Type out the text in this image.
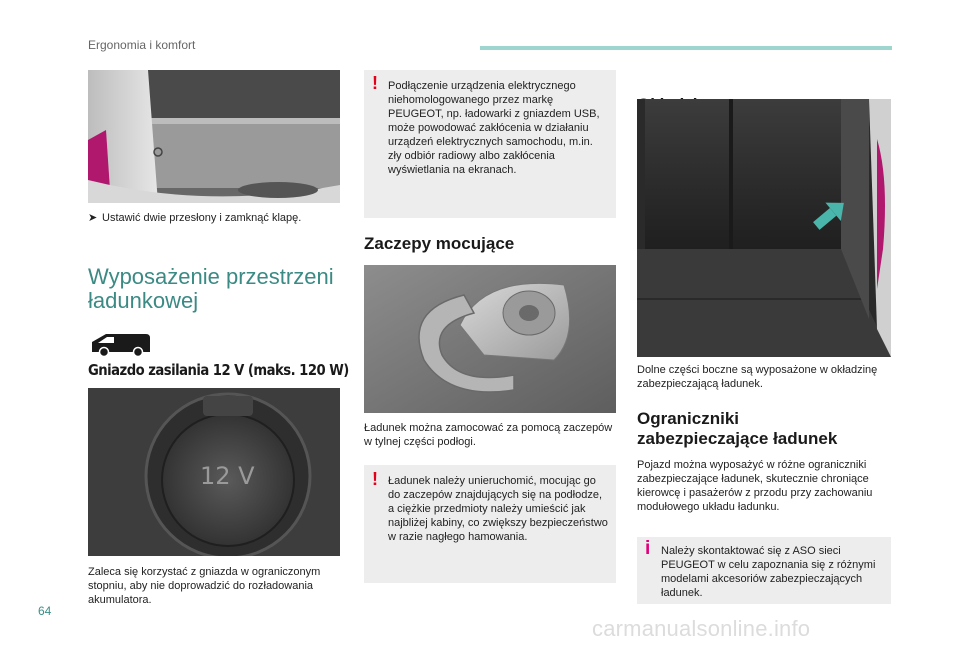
Ergonomia i komfort
➤ Ustawić dwie przesłony i zamknąć klapę.
Wyposażenie przestrzeni ładunkowej
Gniazdo zasilania 12 V (maks. 120 W)
12 V
Zaleca się korzystać z gniazda w ograniczonym stopniu, aby nie doprowadzić do rozładowania akumulatora.
! Podłączenie urządzenia elektrycznego niehomologowanego przez markę PEUGEOT, np. ładowarki z gniazdem USB, może powodować zakłócenia w działaniu urządzeń elektrycznych samochodu, m.in. zły odbiór radiowy albo zakłócenia wyświetlania na ekranach.
Zaczepy mocujące
Ładunek można zamocować za pomocą zaczepów w tylnej części podłogi.
! Ładunek należy unieruchomić, mocując go do zaczepów znajdujących się na podłodze, a ciężkie przedmioty należy umieścić jak najbliżej kabiny, co zwiększy bezpieczeństwo w razie nagłego hamowania.
Dolne części boczne są wyposażone w okładzinę zabezpieczającą ładunek.
Ograniczniki zabezpieczające ładunek
Pojazd można wyposażyć w różne ograniczniki zabezpieczające ładunek, skutecznie chroniące kierowcę i pasażerów z przodu przy zachowaniu modułowego układu ładunku.
i Należy skontaktować się z ASO sieci PEUGEOT w celu zapoznania się z różnymi modelami akcesoriów zabezpieczających ładunek.
64
carmanualsonline.info
